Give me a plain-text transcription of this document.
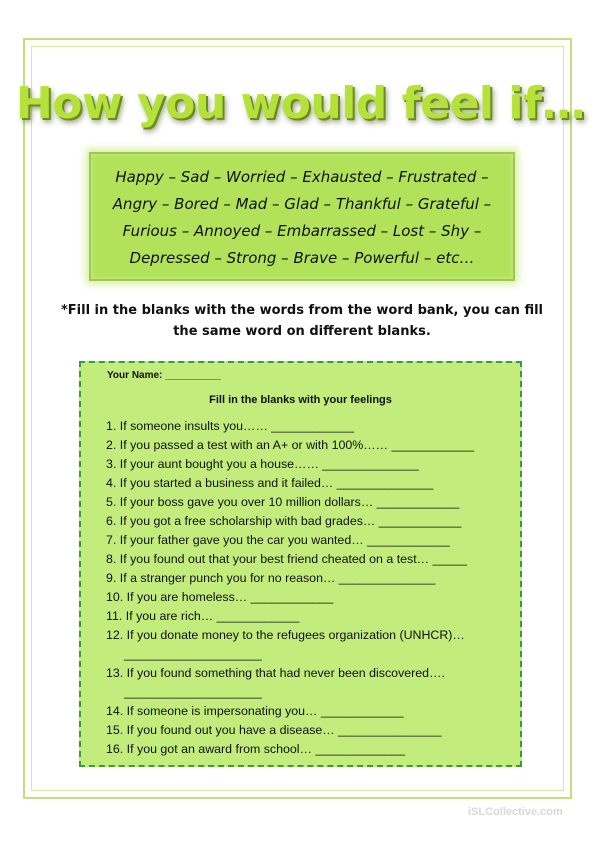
How you would feel if…
Happy – Sad – Worried – Exhausted – Frustrated –
Angry – Bored – Mad – Glad – Thankful – Grateful –
Furious – Annoyed – Embarrassed – Lost – Shy –
Depressed – Strong – Brave – Powerful – etc…

*Fill in the blanks with the words from the word bank, you can fill the same word on different blanks.

Your Name: __________
Fill in the blanks with your feelings
1. If someone insults you…… ____________
2. If you passed a test with an A+ or with 100%…… ____________
3. If your aunt bought you a house…… ______________
4. If you started a business and it failed… ______________
5. If your boss gave you over 10 million dollars… ____________
6. If you got a free scholarship with bad grades… ____________
7. If your father gave you the car you wanted… ____________
8. If you found out that your best friend cheated on a test… _____
9. If a stranger punch you for no reason… ______________
10. If you are homeless… ____________
11. If you are rich… ____________
12. If you donate money to the refugees organization (UNHCR)…
____________________
13. If you found something that had never been discovered….
____________________
14. If someone is impersonating you… ____________
15. If you found out you have a disease… _______________
16. If you got an award from school… _____________
iSLCollective.com
